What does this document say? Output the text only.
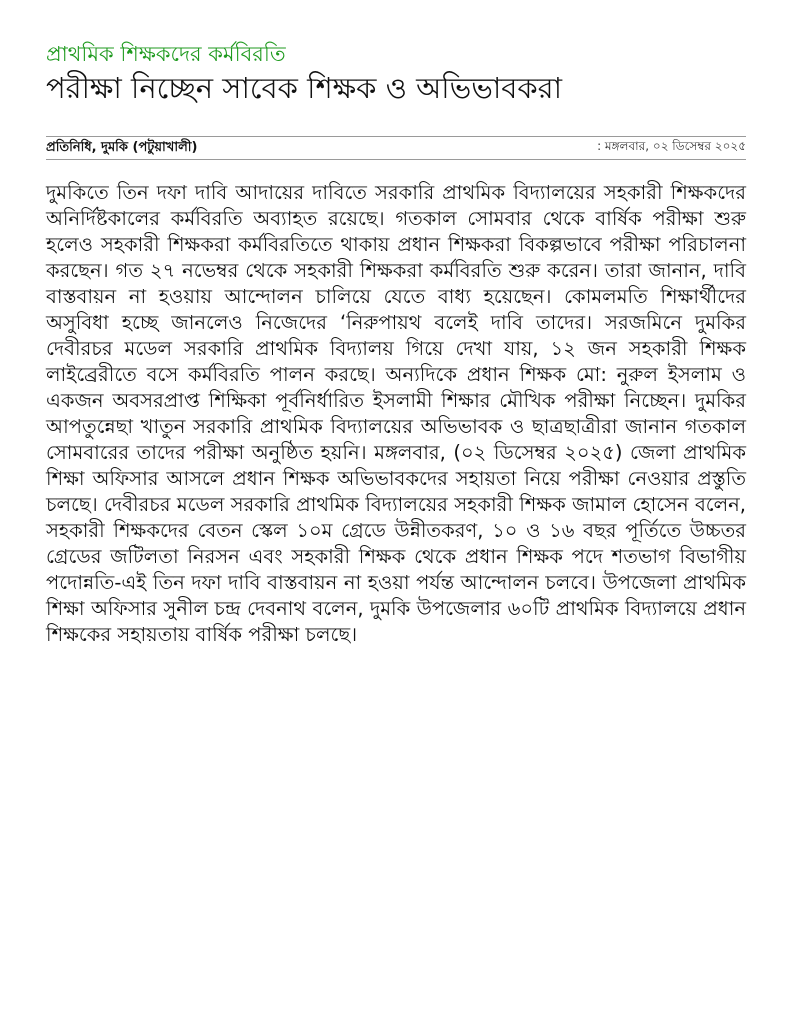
প্রাথমিক শিক্ষকদের কর্মবিরতি

পরীক্ষা নিচ্ছেন সাবেক শিক্ষক ও অভিভাবকরা
প্রতিনিধি, দুমকি (পটুয়াখালী)	: মঙ্গলবার, ০২ ডিসেম্বর ২০২৫

দুমকিতে তিন দফা দাবি আদায়ের দাবিতে সরকারি প্রাথমিক বিদ্যালয়ের সহকারী শিক্ষকদের অনির্দিষ্টকালের কর্মবিরতি অব্যাহত রয়েছে। গতকাল সোমবার থেকে বার্ষিক পরীক্ষা শুরু হলেও সহকারী শিক্ষকরা কর্মবিরতিতে থাকায় প্রধান শিক্ষকরা বিকল্পভাবে পরীক্ষা পরিচালনা করছেন। গত ২৭ নভেম্বর থেকে সহকারী শিক্ষকরা কর্মবিরতি শুরু করেন। তারা জানান, দাবি বাস্তবায়ন না হওয়ায় আন্দোলন চালিয়ে যেতে বাধ্য হয়েছেন। কোমলমতি শিক্ষার্থীদের অসুবিধা হচ্ছে জানলেও নিজেদের ‘নিরুপায়থ বলেই দাবি তাদের। সরজমিনে দুমকির দেবীরচর মডেল সরকারি প্রাথমিক বিদ্যালয় গিয়ে দেখা যায়, ১২ জন সহকারী শিক্ষক লাইব্রেরীতে বসে কর্মবিরতি পালন করছে। অন্যদিকে প্রধান শিক্ষক মো: নুরুল ইসলাম ও একজন অবসরপ্রাপ্ত শিক্ষিকা পূর্বনির্ধারিত ইসলামী শিক্ষার মৌখিক পরীক্ষা নিচ্ছেন। দুমকির আপতুন্নেছা খাতুন সরকারি প্রাথমিক বিদ্যালয়ের অভিভাবক ও ছাত্রছাত্রীরা জানান গতকাল সোমবারের তাদের পরীক্ষা অনুষ্ঠিত হয়নি। মঙ্গলবার, (০২ ডিসেম্বর ২০২৫) জেলা প্রাথমিক শিক্ষা অফিসার আসলে প্রধান শিক্ষক অভিভাবকদের সহায়তা নিয়ে পরীক্ষা নেওয়ার প্রস্তুতি চলছে। দেবীরচর মডেল সরকারি প্রাথমিক বিদ্যালয়ের সহকারী শিক্ষক জামাল হোসেন বলেন, সহকারী শিক্ষকদের বেতন স্কেল ১০ম গ্রেডে উন্নীতকরণ, ১০ ও ১৬ বছর পূর্তিতে উচ্চতর গ্রেডের জটিলতা নিরসন এবং সহকারী শিক্ষক থেকে প্রধান শিক্ষক পদে শতভাগ বিভাগীয় পদোন্নতি-এই তিন দফা দাবি বাস্তবায়ন না হওয়া পর্যন্ত আন্দোলন চলবে। উপজেলা প্রাথমিক শিক্ষা অফিসার সুনীল চন্দ্র দেবনাথ বলেন, দুমকি উপজেলার ৬০টি প্রাথমিক বিদ্যালয়ে প্রধান শিক্ষকের সহায়তায় বার্ষিক পরীক্ষা চলছে।
